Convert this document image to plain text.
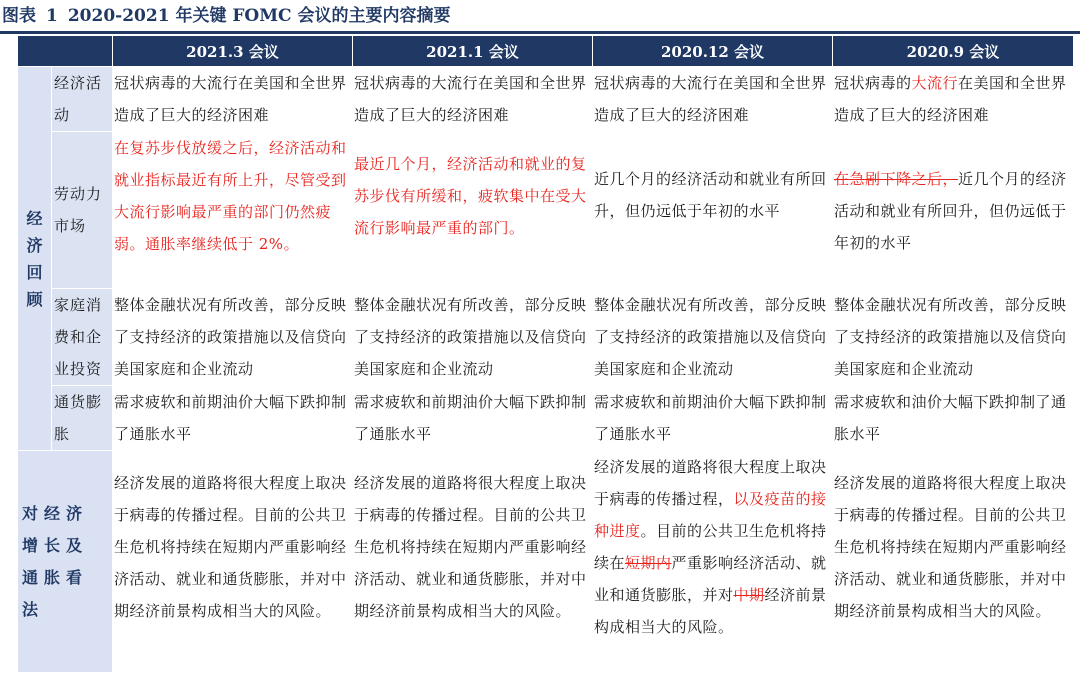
图表 1 2020-2021 年关键 FOMC 会议的主要内容摘要
		2021.3 会议	2021.1 会议	2020.12 会议	2020.9 会议

经济回顾	经济活动	冠状病毒的大流行在美国和全世界造成了巨大的经济困难	冠状病毒的大流行在美国和全世界造成了巨大的经济困难	冠状病毒的大流行在美国和全世界造成了巨大的经济困难	冠状病毒的大流行在美国和全世界造成了巨大的经济困难
	劳动力市场	在复苏步伐放缓之后，经济活动和就业指标最近有所上升，尽管受到大流行影响最严重的部门仍然疲弱。通胀率继续低于 2%。	最近几个月，经济活动和就业的复苏步伐有所缓和，疲软集中在受大流行影响最严重的部门。	近几个月的经济活动和就业有所回升，但仍远低于年初的水平	在急剧下降之后，近几个月的经济活动和就业有所回升，但仍远低于年初的水平
	家庭消费和企业投资	整体金融状况有所改善，部分反映了支持经济的政策措施以及信贷向美国家庭和企业流动	整体金融状况有所改善，部分反映了支持经济的政策措施以及信贷向美国家庭和企业流动	整体金融状况有所改善，部分反映了支持经济的政策措施以及信贷向美国家庭和企业流动	整体金融状况有所改善，部分反映了支持经济的政策措施以及信贷向美国家庭和企业流动
	通货膨胀	需求疲软和前期油价大幅下跌抑制了通胀水平	需求疲软和前期油价大幅下跌抑制了通胀水平	需求疲软和前期油价大幅下跌抑制了通胀水平	需求疲软和油价大幅下跌抑制了通胀水平

对经济增长及通胀看法		经济发展的道路将很大程度上取决于病毒的传播过程。目前的公共卫生危机将持续在短期内严重影响经济活动、就业和通货膨胀，并对中期经济前景构成相当大的风险。	经济发展的道路将很大程度上取决于病毒的传播过程。目前的公共卫生危机将持续在短期内严重影响经济活动、就业和通货膨胀，并对中期经济前景构成相当大的风险。	经济发展的道路将很大程度上取决于病毒的传播过程，以及疫苗的接种进度。目前的公共卫生危机将持续在短期内严重影响经济活动、就业和通货膨胀，并对中期经济前景构成相当大的风险。	经济发展的道路将很大程度上取决于病毒的传播过程。目前的公共卫生危机将持续在短期内严重影响经济活动、就业和通货膨胀，并对中期经济前景构成相当大的风险。
